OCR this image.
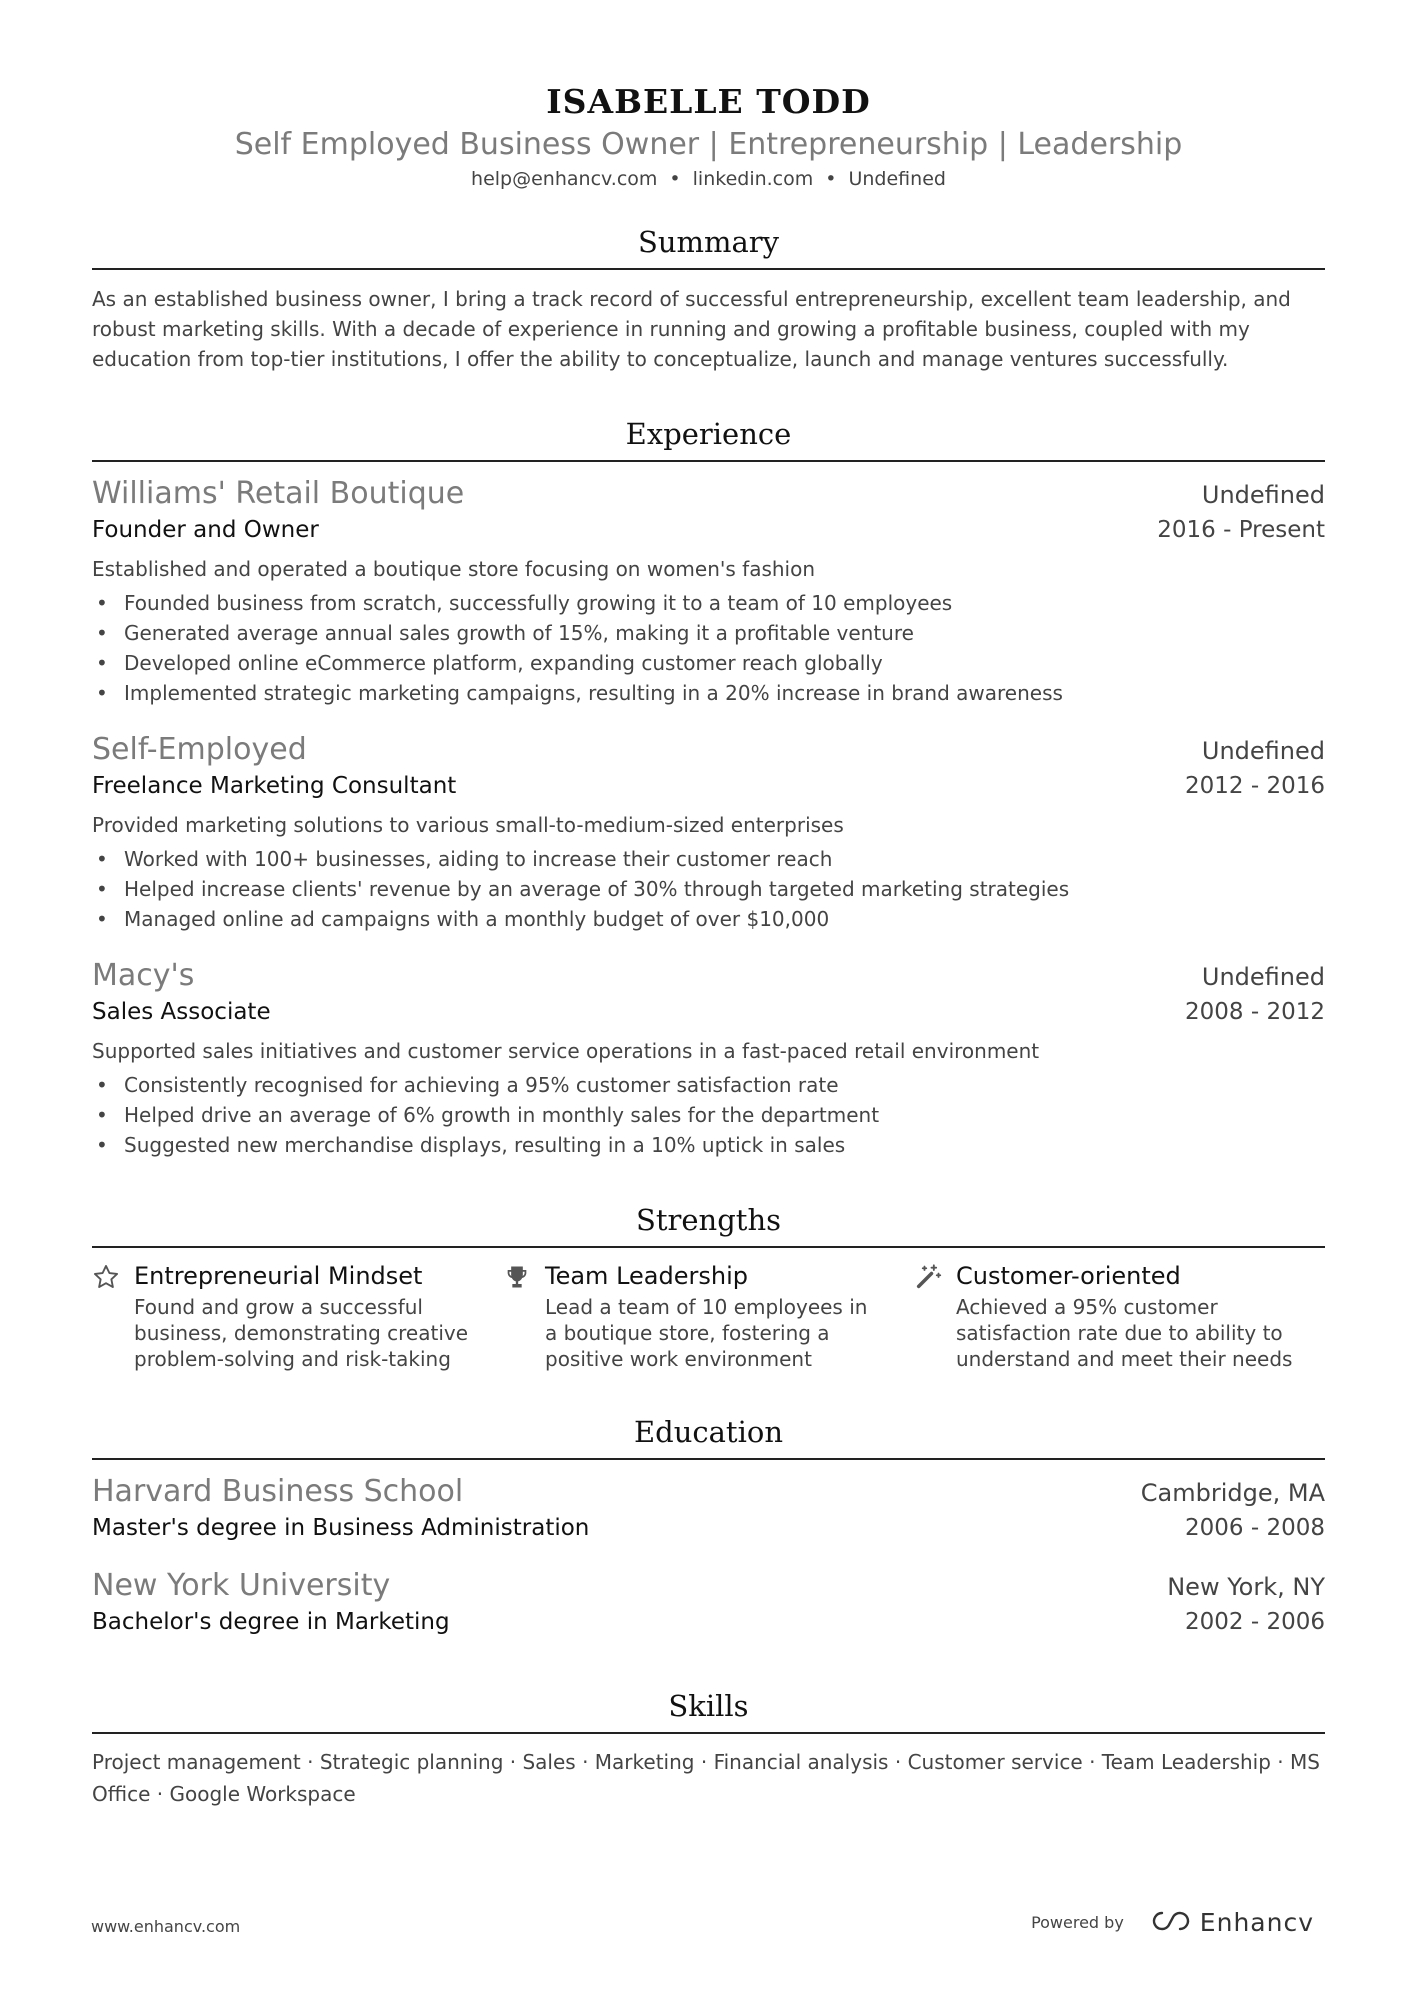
ISABELLE TODD
Self Employed Business Owner | Entrepreneurship | Leadership
help@enhancv.com • linkedin.com • Undefined
Summary
As an established business owner, I bring a track record of successful entrepreneurship, excellent team leadership, and robust marketing skills. With a decade of experience in running and growing a profitable business, coupled with my education from top-tier institutions, I offer the ability to conceptualize, launch and manage ventures successfully.
Experience
Williams' Retail Boutique	Undefined
Founder and Owner	2016 - Present
Established and operated a boutique store focusing on women's fashion
• Founded business from scratch, successfully growing it to a team of 10 employees
• Generated average annual sales growth of 15%, making it a profitable venture
• Developed online eCommerce platform, expanding customer reach globally
• Implemented strategic marketing campaigns, resulting in a 20% increase in brand awareness
Self-Employed	Undefined
Freelance Marketing Consultant	2012 - 2016
Provided marketing solutions to various small-to-medium-sized enterprises
• Worked with 100+ businesses, aiding to increase their customer reach
• Helped increase clients' revenue by an average of 30% through targeted marketing strategies
• Managed online ad campaigns with a monthly budget of over $10,000
Macy's	Undefined
Sales Associate	2008 - 2012
Supported sales initiatives and customer service operations in a fast-paced retail environment
• Consistently recognised for achieving a 95% customer satisfaction rate
• Helped drive an average of 6% growth in monthly sales for the department
• Suggested new merchandise displays, resulting in a 10% uptick in sales
Strengths
Entrepreneurial Mindset
Found and grow a successful business, demonstrating creative problem-solving and risk-taking
Team Leadership
Lead a team of 10 employees in a boutique store, fostering a positive work environment
Customer-oriented
Achieved a 95% customer satisfaction rate due to ability to understand and meet their needs
Education
Harvard Business School	Cambridge, MA
Master's degree in Business Administration	2006 - 2008
New York University	New York, NY
Bachelor's degree in Marketing	2002 - 2006
Skills
Project management · Strategic planning · Sales · Marketing · Financial analysis · Customer service · Team Leadership · MS Office · Google Workspace
www.enhancv.com	Powered by	Enhancv
